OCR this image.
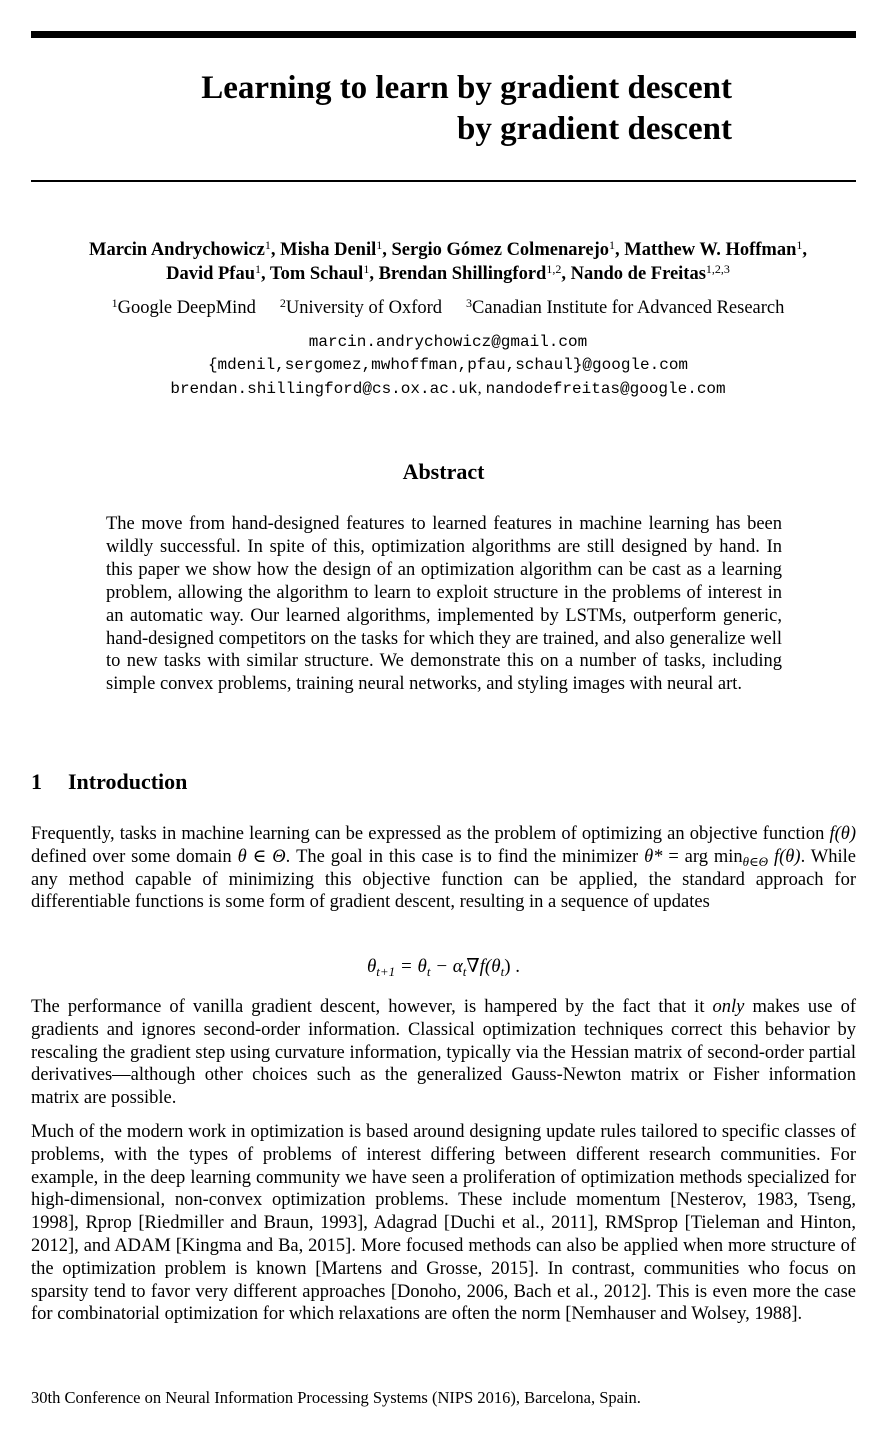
Learning to learn by gradient descent
by gradient descent
Marcin Andrychowicz$^1$, Misha Denil$^1$, Sergio Gómez Colmenarejo$^1$, Matthew W. Hoffman$^1$,
David Pfau$^1$, Tom Schaul$^1$, Brendan Shillingford$^{1,2}$, Nando de Freitas$^{1,2,3}$
$^1$Google DeepMind $^2$University of Oxford $^3$Canadian Institute for Advanced Research
marcin.andrychowicz@gmail.com
{mdenil,sergomez,mwhoffman,pfau,schaul}@google.com
brendan.shillingford@cs.ox.ac.uk, nandodefreitas@google.com
Abstract
The move from hand-designed features to learned features in machine learning has been wildly successful. In spite of this, optimization algorithms are still designed by hand. In this paper we show how the design of an optimization algorithm can be cast as a learning problem, allowing the algorithm to learn to exploit structure in the problems of interest in an automatic way. Our learned algorithms, implemented by LSTMs, outperform generic, hand-designed competitors on the tasks for which they are trained, and also generalize well to new tasks with similar structure. We demonstrate this on a number of tasks, including simple convex problems, training neural networks, and styling images with neural art.
1 Introduction
Frequently, tasks in machine learning can be expressed as the problem of optimizing an objective function f(θ) defined over some domain θ ∈ Θ. The goal in this case is to find the minimizer θ* = arg $\min_{\theta\in\Theta} f(\theta)$. While any method capable of minimizing this objective function can be applied, the standard approach for differentiable functions is some form of gradient descent, resulting in a sequence of updates
$\theta_{t+1} = \theta_t - \alpha_t\nabla f(\theta_t)$ .
The performance of vanilla gradient descent, however, is hampered by the fact that it only makes use of gradients and ignores second-order information. Classical optimization techniques correct this behavior by rescaling the gradient step using curvature information, typically via the Hessian matrix of second-order partial derivatives—although other choices such as the generalized Gauss-Newton matrix or Fisher information matrix are possible.
Much of the modern work in optimization is based around designing update rules tailored to specific classes of problems, with the types of problems of interest differing between different research communities. For example, in the deep learning community we have seen a proliferation of optimization methods specialized for high-dimensional, non-convex optimization problems. These include momentum [Nesterov, 1983, Tseng, 1998], Rprop [Riedmiller and Braun, 1993], Adagrad [Duchi et al., 2011], RMSprop [Tieleman and Hinton, 2012], and ADAM [Kingma and Ba, 2015]. More focused methods can also be applied when more structure of the optimization problem is known [Martens and Grosse, 2015]. In contrast, communities who focus on sparsity tend to favor very different approaches [Donoho, 2006, Bach et al., 2012]. This is even more the case for combinatorial optimization for which relaxations are often the norm [Nemhauser and Wolsey, 1988].
30th Conference on Neural Information Processing Systems (NIPS 2016), Barcelona, Spain.
